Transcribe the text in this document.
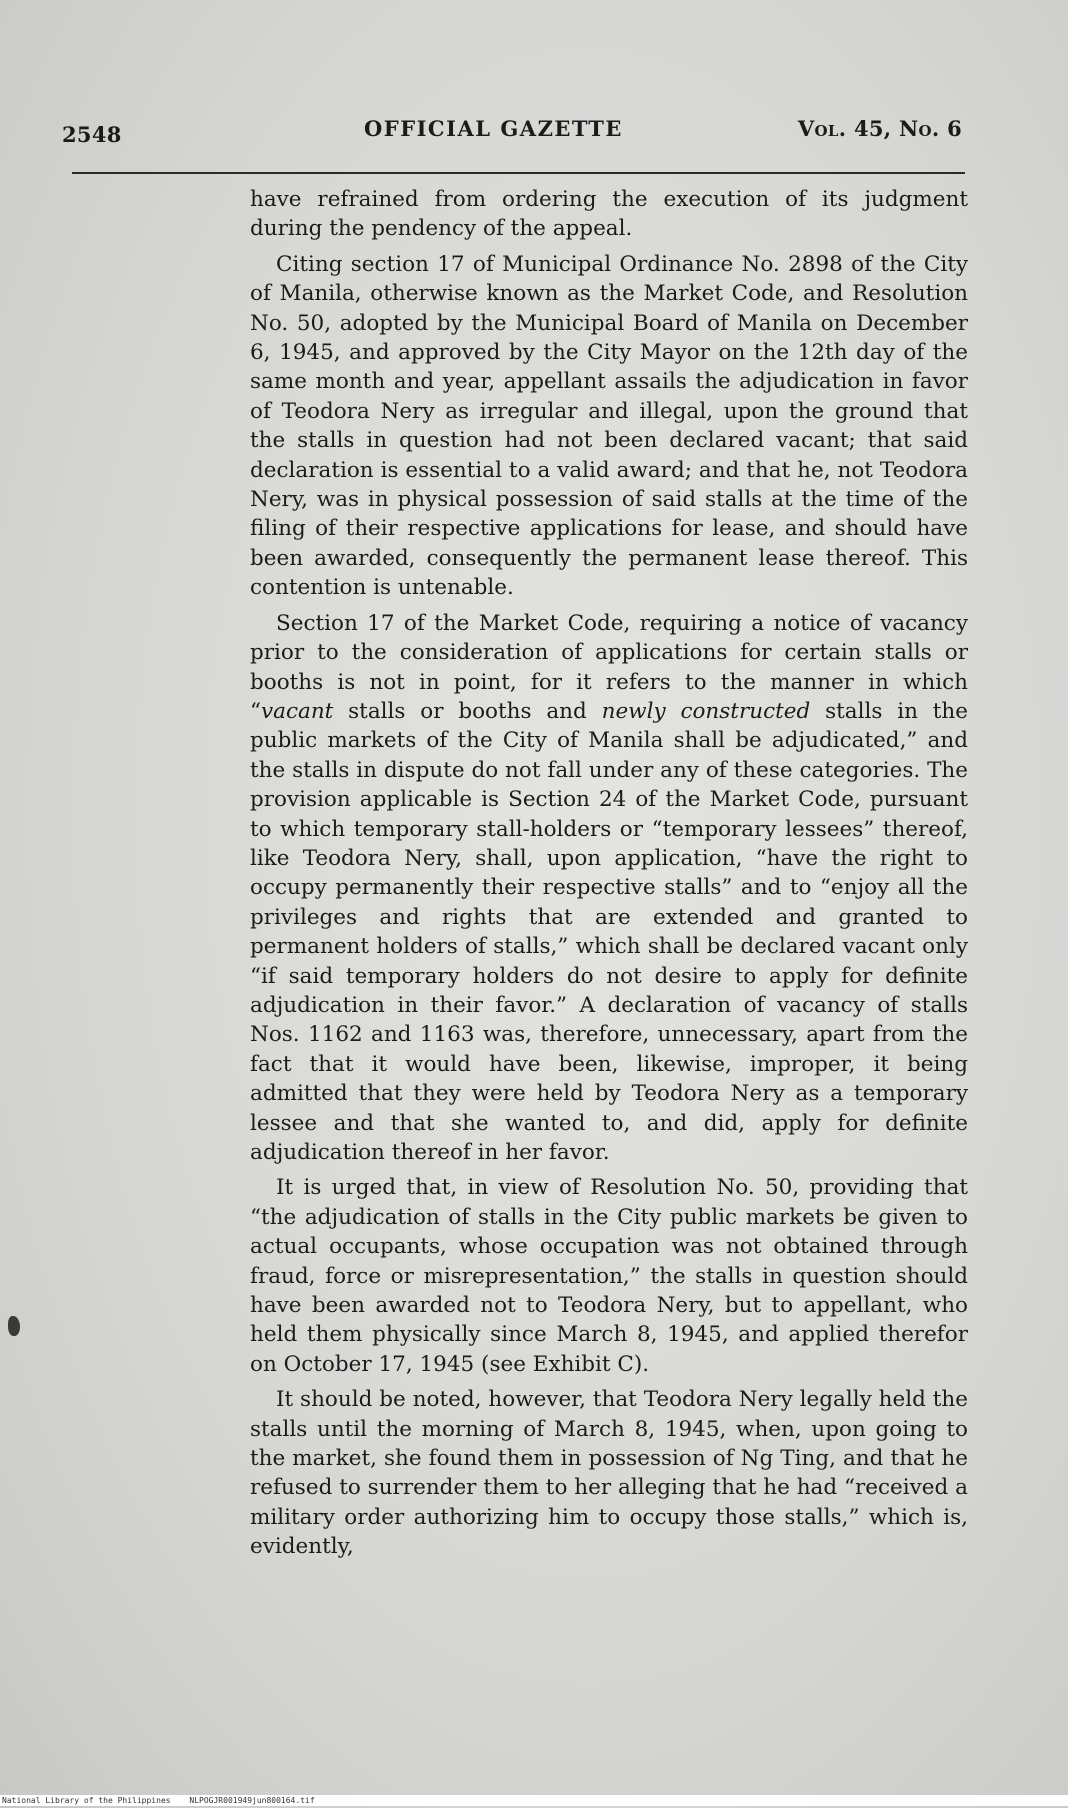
2548	OFFICIAL GAZETTE	Vol. 45, No. 6

have refrained from ordering the execution of its judgment during the pendency of the appeal.

Citing section 17 of Municipal Ordinance No. 2898 of the City of Manila, otherwise known as the Market Code, and Resolution No. 50, adopted by the Municipal Board of Manila on December 6, 1945, and approved by the City Mayor on the 12th day of the same month and year, appellant assails the adjudication in favor of Teodora Nery as irregular and illegal, upon the ground that the stalls in question had not been declared vacant; that said declaration is essential to a valid award; and that he, not Teodora Nery, was in physical possession of said stalls at the time of the filing of their respective applications for lease, and should have been awarded, consequently the permanent lease thereof. This contention is untenable.

Section 17 of the Market Code, requiring a notice of vacancy prior to the consideration of applications for certain stalls or booths is not in point, for it refers to the manner in which “vacant stalls or booths and newly constructed stalls in the public markets of the City of Manila shall be adjudicated,” and the stalls in dispute do not fall under any of these categories. The provision applicable is Section 24 of the Market Code, pursuant to which temporary stall-holders or “temporary lessees” thereof, like Teodora Nery, shall, upon application, “have the right to occupy permanently their respective stalls” and to “enjoy all the privileges and rights that are extended and granted to permanent holders of stalls,” which shall be declared vacant only “if said temporary holders do not desire to apply for definite adjudication in their favor.” A declaration of vacancy of stalls Nos. 1162 and 1163 was, therefore, unnecessary, apart from the fact that it would have been, likewise, improper, it being admitted that they were held by Teodora Nery as a temporary lessee and that she wanted to, and did, apply for definite adjudication thereof in her favor.

It is urged that, in view of Resolution No. 50, providing that “the adjudication of stalls in the City public markets be given to actual occupants, whose occupation was not obtained through fraud, force or misrepresentation,” the stalls in question should have been awarded not to Teodora Nery, but to appellant, who held them physically since March 8, 1945, and applied therefor on October 17, 1945 (see Exhibit C).

It should be noted, however, that Teodora Nery legally held the stalls until the morning of March 8, 1945, when, upon going to the market, she found them in possession of Ng Ting, and that he refused to surrender them to her alleging that he had “received a military order authorizing him to occupy those stalls,” which is, evidently,

National Library of the Philippines NLPOGJR001949jun800164.tif
